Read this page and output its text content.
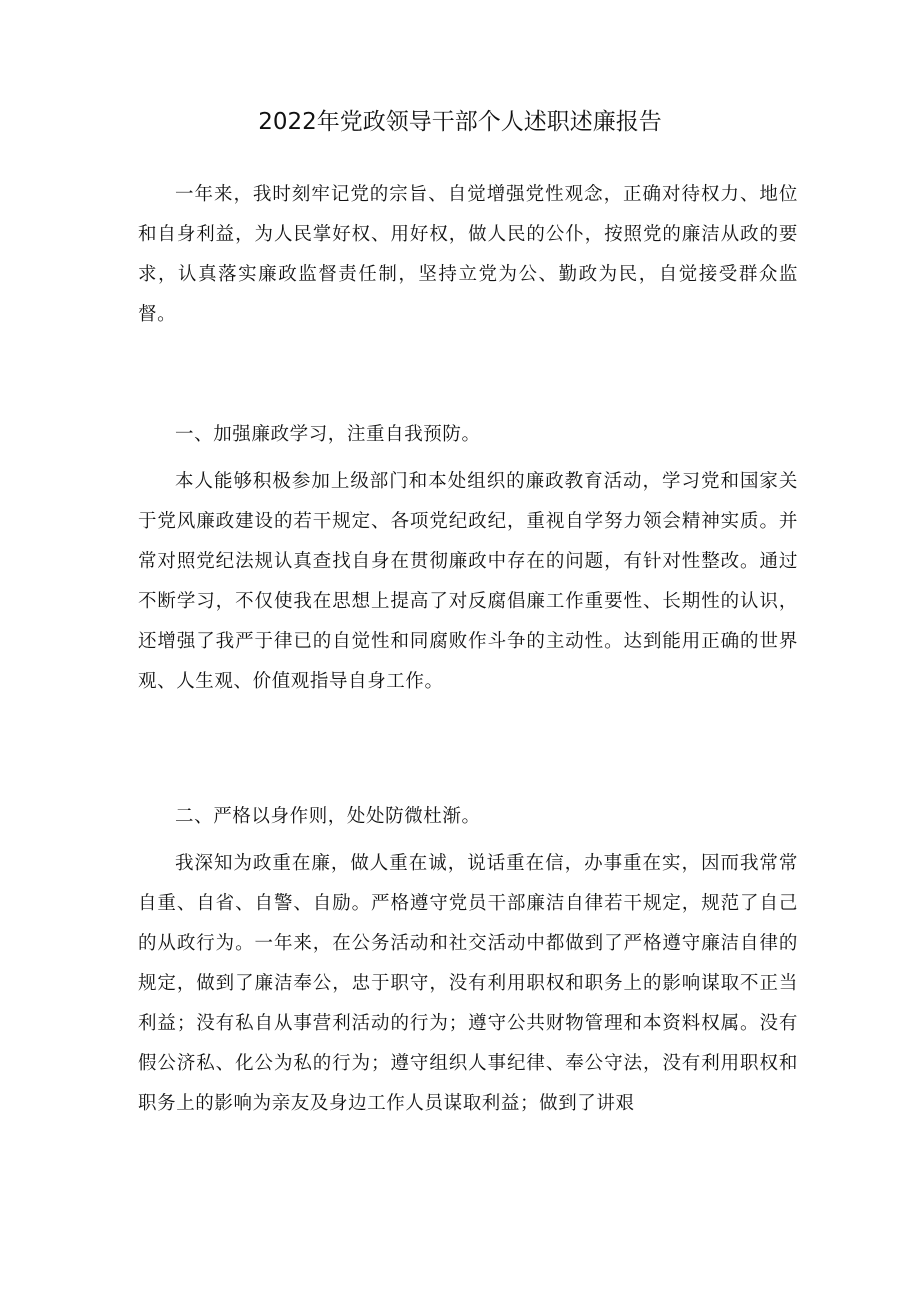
2022年党政领导干部个人述职述廉报告

一年来，我时刻牢记党的宗旨、自觉增强党性观念，正确对待权力、地位和自身利益，为人民掌好权、用好权，做人民的公仆，按照党的廉洁从政的要求，认真落实廉政监督责任制，坚持立党为公、勤政为民，自觉接受群众监督。

一、加强廉政学习，注重自我预防。

本人能够积极参加上级部门和本处组织的廉政教育活动，学习党和国家关于党风廉政建设的若干规定、各项党纪政纪，重视自学努力领会精神实质。并常对照党纪法规认真查找自身在贯彻廉政中存在的问题，有针对性整改。通过不断学习，不仅使我在思想上提高了对反腐倡廉工作重要性、长期性的认识，还增强了我严于律已的自觉性和同腐败作斗争的主动性。达到能用正确的世界观、人生观、价值观指导自身工作。

二、严格以身作则，处处防微杜渐。

我深知为政重在廉，做人重在诚，说话重在信，办事重在实，因而我常常自重、自省、自警、自励。严格遵守党员干部廉洁自律若干规定，规范了自己的从政行为。一年来，在公务活动和社交活动中都做到了严格遵守廉洁自律的规定，做到了廉洁奉公，忠于职守，没有利用职权和职务上的影响谋取不正当利益；没有私自从事营利活动的行为；遵守公共财物管理和本资料权属。没有假公济私、化公为私的行为；遵守组织人事纪律、奉公守法，没有利用职权和职务上的影响为亲友及身边工作人员谋取利益；做到了讲艰
